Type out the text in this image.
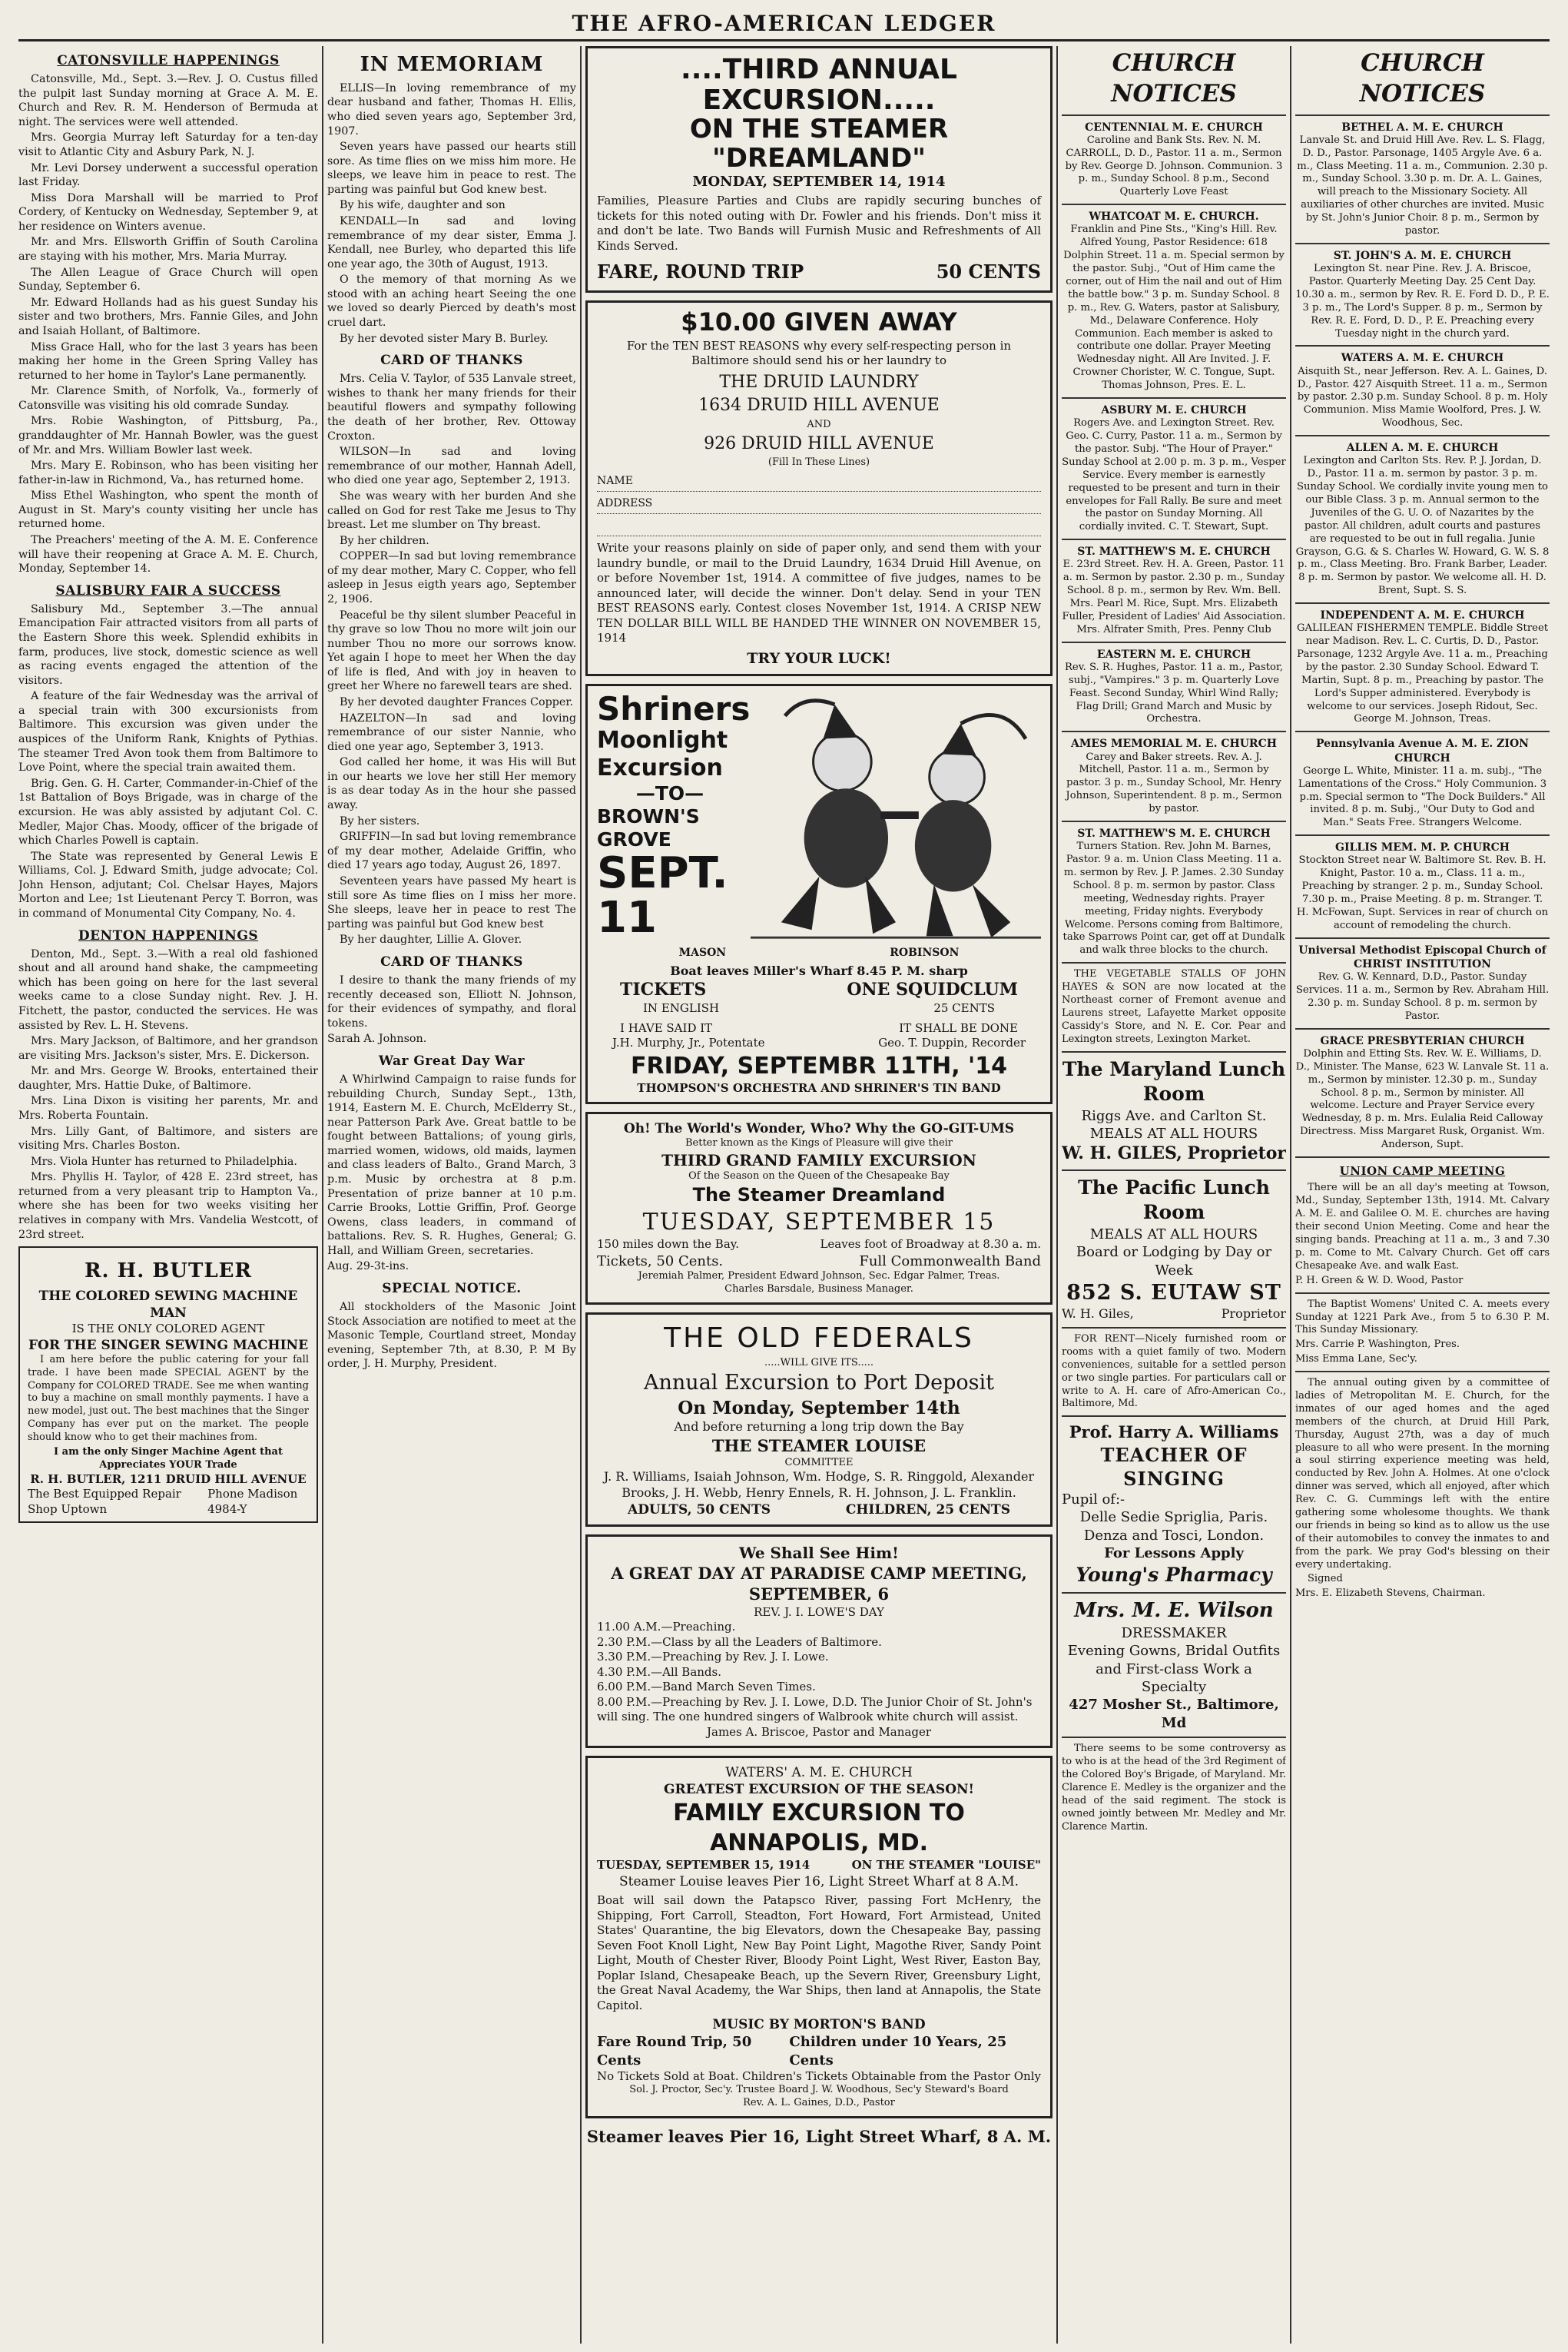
THE AFRO-AMERICAN LEDGER
CATONSVILLE HAPPENINGS

Catonsville, Md., Sept. 3.—Rev. J. O. Custus filled the pulpit last Sunday morning at Grace A. M. E. Church and Rev. R. M. Henderson of Bermuda at night. The services were well attended.

Mrs. Georgia Murray left Saturday for a ten-day visit to Atlantic City and Asbury Park, N. J.

Mr. Levi Dorsey underwent a successful operation last Friday.

Miss Dora Marshall will be married to Prof Cordery, of Kentucky on Wednesday, September 9, at her residence on Winters avenue.

Mr. and Mrs. Ellsworth Griffin of South Carolina are staying with his mother, Mrs. Maria Murray.

The Allen League of Grace Church will open Sunday, September 6.

Mr. Edward Hollands had as his guest Sunday his sister and two brothers, Mrs. Fannie Giles, and John and Isaiah Hollant, of Baltimore.

Miss Grace Hall, who for the last 3 years has been making her home in the Green Spring Valley has returned to her home in Taylor's Lane permanently.

Mr. Clarence Smith, of Norfolk, Va., formerly of Catonsville was visiting his old comrade Sunday.

Mrs. Robie Washington, of Pittsburg, Pa., granddaughter of Mr. Hannah Bowler, was the guest of Mr. and Mrs. William Bowler last week.

Mrs. Mary E. Robinson, who has been visiting her father-in-law in Richmond, Va., has returned home.

Miss Ethel Washington, who spent the month of August in St. Mary's county visiting her uncle has returned home.

The Preachers' meeting of the A. M. E. Conference will have their reopening at Grace A. M. E. Church, Monday, September 14.

SALISBURY FAIR A SUCCESS

Salisbury Md., September 3.—The annual Emancipation Fair attracted visitors from all parts of the Eastern Shore this week. Splendid exhibits in farm, produces, live stock, domestic science as well as racing events engaged the attention of the visitors.

A feature of the fair Wednesday was the arrival of a special train with 300 excursionists from Baltimore. This excursion was given under the auspices of the Uniform Rank, Knights of Pythias. The steamer Tred Avon took them from Baltimore to Love Point, where the special train awaited them.

Brig. Gen. G. H. Carter, Commander-in-Chief of the 1st Battalion of Boys Brigade, was in charge of the excursion. He was ably assisted by adjutant Col. C. Medler, Major Chas. Moody, officer of the brigade of which Charles Powell is captain.

The State was represented by General Lewis E Williams, Col. J. Edward Smith, judge advocate; Col. John Henson, adjutant; Col. Chelsar Hayes, Majors Morton and Lee; 1st Lieutenant Percy T. Borron, was in command of Monumental City Company, No. 4.

DENTON HAPPENINGS

Denton, Md., Sept. 3.—With a real old fashioned shout and all around hand shake, the campmeeting which has been going on here for the last several weeks came to a close Sunday night. Rev. J. H. Fitchett, the pastor, conducted the services. He was assisted by Rev. L. H. Stevens.

Mrs. Mary Jackson, of Baltimore, and her grandson are visiting Mrs. Jackson's sister, Mrs. E. Dickerson.

Mr. and Mrs. George W. Brooks, entertained their daughter, Mrs. Hattie Duke, of Baltimore.

Mrs. Lina Dixon is visiting her parents, Mr. and Mrs. Roberta Fountain.

Mrs. Lilly Gant, of Baltimore, and sisters are visiting Mrs. Charles Boston.

Mrs. Viola Hunter has returned to Philadelphia.

Mrs. Phyllis H. Taylor, of 428 E. 23rd street, has returned from a very pleasant trip to Hampton Va., where she has been for two weeks visiting her relatives in company with Mrs. Vandelia Westcott, of 23rd street.

R. H. BUTLER
THE COLORED SEWING MACHINE MAN
IS THE ONLY COLORED AGENT
FOR THE SINGER SEWING MACHINE

I am here before the public catering for your fall trade. I have been made SPECIAL AGENT by the Company for COLORED TRADE. See me when wanting to buy a machine on small monthly payments. I have a new model, just out. The best machines that the Singer Company has ever put on the market. The people should know who to get their machines from.

I am the only Singer Machine Agent that Appreciates YOUR Trade
R. H. BUTLER, 1211 DRUID HILL AVENUE
The Best Equipped Repair Shop Uptown
Phone Madison 4984-Y
IN MEMORIAM

ELLIS—In loving remembrance of my dear husband and father, Thomas H. Ellis, who died seven years ago, September 3rd, 1907.

Seven years have passed our hearts still sore. As time flies on we miss him more. He sleeps, we leave him in peace to rest. The parting was painful but God knew best.

By his wife, daughter and son

KENDALL—In sad and loving remembrance of my dear sister, Emma J. Kendall, nee Burley, who departed this life one year ago, the 30th of August, 1913.

O the memory of that morning As we stood with an aching heart Seeing the one we loved so dearly Pierced by death's most cruel dart.

By her devoted sister Mary B. Burley.

CARD OF THANKS

Mrs. Celia V. Taylor, of 535 Lanvale street, wishes to thank her many friends for their beautiful flowers and sympathy following the death of her brother, Rev. Ottoway Croxton.

WILSON—In sad and loving remembrance of our mother, Hannah Adell, who died one year ago, September 2, 1913.

She was weary with her burden And she called on God for rest Take me Jesus to Thy breast. Let me slumber on Thy breast.

By her children.

COPPER—In sad but loving remembrance of my dear mother, Mary C. Copper, who fell asleep in Jesus eigth years ago, September 2, 1906.

Peaceful be thy silent slumber Peaceful in thy grave so low Thou no more wilt join our number Thou no more our sorrows know. Yet again I hope to meet her When the day of life is fled, And with joy in heaven to greet her Where no farewell tears are shed.

By her devoted daughter Frances Copper.

HAZELTON—In sad and loving remembrance of our sister Nannie, who died one year ago, September 3, 1913.

God called her home, it was His will But in our hearts we love her still Her memory is as dear today As in the hour she passed away.

By her sisters.

GRIFFIN—In sad but loving remembrance of my dear mother, Adelaide Griffin, who died 17 years ago today, August 26, 1897.

Seventeen years have passed My heart is still sore As time flies on I miss her more. She sleeps, leave her in peace to rest The parting was painful but God knew best

By her daughter, Lillie A. Glover.

CARD OF THANKS

I desire to thank the many friends of my recently deceased son, Elliott N. Johnson, for their evidences of sympathy, and floral tokens.

Sarah A. Johnson.

War Great Day War

A Whirlwind Campaign to raise funds for rebuilding Church, Sunday Sept., 13th, 1914, Eastern M. E. Church, McElderry St., near Patterson Park Ave. Great battle to be fought between Battalions; of young girls, married women, widows, old maids, laymen and class leaders of Balto., Grand March, 3 p.m. Music by orchestra at 8 p.m. Presentation of prize banner at 10 p.m. Carrie Brooks, Lottie Griffin, Prof. George Owens, class leaders, in command of battalions. Rev. S. R. Hughes, General; G. Hall, and William Green, secretaries.

Aug. 29-3t-ins.

SPECIAL NOTICE.

All stockholders of the Masonic Joint Stock Association are notified to meet at the Masonic Temple, Courtland street, Monday evening, September 7th, at 8.30, P. M By order, J. H. Murphy, President.

....THIRD ANNUAL EXCURSION.....
ON THE STEAMER "DREAMLAND"
MONDAY, SEPTEMBER 14, 1914
Families, Pleasure Parties and Clubs are rapidly securing bunches of tickets for this noted outing with Dr. Fowler and his friends. Don't miss it and don't be late. Two Bands will Furnish Music and Refreshments of All Kinds Served.
FARE, ROUND TRIP	50 CENTS
$10.00 GIVEN AWAY
For the TEN BEST REASONS why every self-respecting person in Baltimore should send his or her laundry to
THE DRUID LAUNDRY
1634 DRUID HILL AVENUE
AND
926 DRUID HILL AVENUE
(Fill In These Lines)
NAME
ADDRESS
Write your reasons plainly on side of paper only, and send them with your laundry bundle, or mail to the Druid Laundry, 1634 Druid Hill Avenue, on or before November 1st, 1914. A committee of five judges, names to be announced later, will decide the winner. Don't delay. Send in your TEN BEST REASONS early. Contest closes November 1st, 1914. A CRISP NEW TEN DOLLAR BILL WILL BE HANDED THE WINNER ON NOVEMBER 15, 1914
TRY YOUR LUCK!
Shriners
Moonlight
Excursion
—TO—
BROWN'S GROVE
SEPT. 11
MASON	ROBINSON
Boat leaves Miller's Wharf 8.45 P. M. sharp
TICKETS	ONE SQUIDCLUM
IN ENGLISH	25 CENTS
I HAVE SAID IT	IT SHALL BE DONE
J.H. Murphy, Jr., Potentate	Geo. T. Duppin, Recorder
FRIDAY, SEPTEMBR 11TH, '14
THOMPSON'S ORCHESTRA AND SHRINER'S TIN BAND
Oh! The World's Wonder, Who? Why the GO-GIT-UMS
Better known as the Kings of Pleasure will give their
THIRD GRAND FAMILY EXCURSION
Of the Season on the Queen of the Chesapeake Bay
The Steamer Dreamland
TUESDAY, SEPTEMBER 15
150 miles down the Bay.	Leaves foot of Broadway at 8.30 a. m.
Tickets, 50 Cents.	Full Commonwealth Band
Jeremiah Palmer, President Edward Johnson, Sec. Edgar Palmer, Treas.
Charles Barsdale, Business Manager.
THE OLD FEDERALS
.....WILL GIVE ITS.....
Annual Excursion to Port Deposit
On Monday, September 14th
And before returning a long trip down the Bay
THE STEAMER LOUISE
COMMITTEE
J. R. Williams, Isaiah Johnson, Wm. Hodge, S. R. Ringgold, Alexander Brooks, J. H. Webb, Henry Ennels, R. H. Johnson, J. L. Franklin.
ADULTS, 50 CENTS	CHILDREN, 25 CENTS
We Shall See Him!
A GREAT DAY AT PARADISE CAMP MEETING, SEPTEMBER, 6
REV. J. I. LOWE'S DAY
11.00 A.M.—Preaching.
2.30 P.M.—Class by all the Leaders of Baltimore.
3.30 P.M.—Preaching by Rev. J. I. Lowe.
4.30 P.M.—All Bands.
6.00 P.M.—Band March Seven Times.
8.00 P.M.—Preaching by Rev. J. I. Lowe, D.D. The Junior Choir of St. John's will sing. The one hundred singers of Walbrook white church will assist.
James A. Briscoe, Pastor and Manager
WATERS' A. M. E. CHURCH
GREATEST EXCURSION OF THE SEASON!
FAMILY EXCURSION TO ANNAPOLIS, MD.
TUESDAY, SEPTEMBER 15, 1914	ON THE STEAMER "LOUISE"
Steamer Louise leaves Pier 16, Light Street Wharf at 8 A.M.
Boat will sail down the Patapsco River, passing Fort McHenry, the Shipping, Fort Carroll, Steadton, Fort Howard, Fort Armistead, United States' Quarantine, the big Elevators, down the Chesapeake Bay, passing Seven Foot Knoll Light, New Bay Point Light, Magothe River, Sandy Point Light, Mouth of Chester River, Bloody Point Light, West River, Easton Bay, Poplar Island, Chesapeake Beach, up the Severn River, Greensbury Light, the Great Naval Academy, the War Ships, then land at Annapolis, the State Capitol.
MUSIC BY MORTON'S BAND
Fare Round Trip, 50 Cents
Children under 10 Years, 25 Cents
No Tickets Sold at Boat. Children's Tickets Obtainable from the Pastor Only
Sol. J. Proctor, Sec'y. Trustee Board J. W. Woodhous, Sec'y Steward's Board
Rev. A. L. Gaines, D.D., Pastor
Steamer leaves Pier 16, Light Street Wharf, 8 A. M.
CHURCH NOTICES
CENTENNIAL M. E. CHURCH
Caroline and Bank Sts. Rev. N. M. CARROLL, D. D., Pastor. 11 a. m., Sermon by Rev. George D. Johnson. Communion. 3 p. m., Sunday School. 8 p.m., Second Quarterly Love Feast
WHATCOAT M. E. CHURCH.
Franklin and Pine Sts., "King's Hill. Rev. Alfred Young, Pastor Residence: 618 Dolphin Street. 11 a. m. Special sermon by the pastor. Subj., "Out of Him came the corner, out of Him the nail and out of Him the battle bow." 3 p. m. Sunday School. 8 p. m., Rev. G. Waters, pastor at Salisbury, Md., Delaware Conference. Holy Communion. Each member is asked to contribute one dollar. Prayer Meeting Wednesday night. All Are Invited. J. F. Crowner Chorister, W. C. Tongue, Supt. Thomas Johnson, Pres. E. L.
ASBURY M. E. CHURCH
Rogers Ave. and Lexington Street. Rev. Geo. C. Curry, Pastor. 11 a. m., Sermon by the pastor. Subj. "The Hour of Prayer." Sunday School at 2.00 p. m. 3 p. m., Vesper Service. Every member is earnestly requested to be present and turn in their envelopes for Fall Rally. Be sure and meet the pastor on Sunday Morning. All cordially invited. C. T. Stewart, Supt.
ST. MATTHEW'S M. E. CHURCH
E. 23rd Street. Rev. H. A. Green, Pastor. 11 a. m. Sermon by pastor. 2.30 p. m., Sunday School. 8 p. m., sermon by Rev. Wm. Bell. Mrs. Pearl M. Rice, Supt. Mrs. Elizabeth Fuller, President of Ladies' Aid Association. Mrs. Alfrater Smith, Pres. Penny Club
EASTERN M. E. CHURCH
Rev. S. R. Hughes, Pastor. 11 a. m., Pastor, subj., "Vampires." 3 p. m. Quarterly Love Feast. Second Sunday, Whirl Wind Rally; Flag Drill; Grand March and Music by Orchestra.
AMES MEMORIAL M. E. CHURCH
Carey and Baker streets. Rev. A. J. Mitchell, Pastor. 11 a. m., Sermon by pastor. 3 p. m., Sunday School, Mr. Henry Johnson, Superintendent. 8 p. m., Sermon by pastor.
ST. MATTHEW'S M. E. CHURCH
Turners Station. Rev. John M. Barnes, Pastor. 9 a. m. Union Class Meeting. 11 a. m. sermon by Rev. J. P. James. 2.30 Sunday School. 8 p. m. sermon by pastor. Class meeting, Wednesday rights. Prayer meeting, Friday nights. Everybody Welcome. Persons coming from Baltimore, take Sparrows Point car, get off at Dundalk and walk three blocks to the church.

THE VEGETABLE STALLS OF JOHN HAYES & SON are now located at the Northeast corner of Fremont avenue and Laurens street, Lafayette Market opposite Cassidy's Store, and N. E. Cor. Pear and Lexington streets, Lexington Market.

The Maryland Lunch Room
Riggs Ave. and Carlton St.
MEALS AT ALL HOURS
W. H. GILES, Proprietor
The Pacific Lunch Room
MEALS AT ALL HOURS
Board or Lodging by Day or Week
852 S. EUTAW ST
W. H. Giles,	Proprietor

FOR RENT—Nicely furnished room or rooms with a quiet family of two. Modern conveniences, suitable for a settled person or two single parties. For particulars call or write to A. H. care of Afro-American Co., Baltimore, Md.

Prof. Harry A. Williams
TEACHER OF SINGING
Pupil of:-
Delle Sedie Spriglia, Paris.
Denza and Tosci, London.
For Lessons Apply
Young's Pharmacy
Mrs. M. E. Wilson
DRESSMAKER
Evening Gowns, Bridal Outfits
and First-class Work a Specialty
427 Mosher St., Baltimore, Md

There seems to be some controversy as to who is at the head of the 3rd Regiment of the Colored Boy's Brigade, of Maryland. Mr. Clarence E. Medley is the organizer and the head of the said regiment. The stock is owned jointly between Mr. Medley and Mr. Clarence Martin.

CHURCH NOTICES
BETHEL A. M. E. CHURCH
Lanvale St. and Druid Hill Ave. Rev. L. S. Flagg, D. D., Pastor. Parsonage, 1405 Argyle Ave. 6 a. m., Class Meeting. 11 a. m., Communion. 2.30 p. m., Sunday School. 3.30 p. m. Dr. A. L. Gaines, will preach to the Missionary Society. All auxiliaries of other churches are invited. Music by St. John's Junior Choir. 8 p. m., Sermon by pastor.
ST. JOHN'S A. M. E. CHURCH
Lexington St. near Pine. Rev. J. A. Briscoe, Pastor. Quarterly Meeting Day. 25 Cent Day. 10.30 a. m., sermon by Rev. R. E. Ford D. D., P. E. 3 p. m., The Lord's Supper. 8 p. m., Sermon by Rev. R. E. Ford, D. D., P. E. Preaching every Tuesday night in the church yard.
WATERS A. M. E. CHURCH
Aisquith St., near Jefferson. Rev. A. L. Gaines, D. D., Pastor. 427 Aisquith Street. 11 a. m., Sermon by pastor. 2.30 p.m. Sunday School. 8 p. m. Holy Communion. Miss Mamie Woolford, Pres. J. W. Woodhous, Sec.
ALLEN A. M. E. CHURCH
Lexington and Carlton Sts. Rev. P. J. Jordan, D. D., Pastor. 11 a. m. sermon by pastor. 3 p. m. Sunday School. We cordially invite young men to our Bible Class. 3 p. m. Annual sermon to the Juveniles of the G. U. O. of Nazarites by the pastor. All children, adult courts and pastures are requested to be out in full regalia. Junie Grayson, G.G. & S. Charles W. Howard, G. W. S. 8 p. m., Class Meeting. Bro. Frank Barber, Leader. 8 p. m. Sermon by pastor. We welcome all. H. D. Brent, Supt. S. S.
INDEPENDENT A. M. E. CHURCH
GALILEAN FISHERMEN TEMPLE. Biddle Street near Madison. Rev. L. C. Curtis, D. D., Pastor. Parsonage, 1232 Argyle Ave. 11 a. m., Preaching by the pastor. 2.30 Sunday School. Edward T. Martin, Supt. 8 p. m., Preaching by pastor. The Lord's Supper administered. Everybody is welcome to our services. Joseph Ridout, Sec. George M. Johnson, Treas.
Pennsylvania Avenue A. M. E. ZION CHURCH
George L. White, Minister. 11 a. m. subj., "The Lamentations of the Cross." Holy Communion. 3 p.m. Special sermon to "The Dock Builders." All invited. 8 p. m. Subj., "Our Duty to God and Man." Seats Free. Strangers Welcome.
GILLIS MEM. M. P. CHURCH
Stockton Street near W. Baltimore St. Rev. B. H. Knight, Pastor. 10 a. m., Class. 11 a. m., Preaching by stranger. 2 p. m., Sunday School. 7.30 p. m., Praise Meeting. 8 p. m. Stranger. T. H. McFowan, Supt. Services in rear of church on account of remodeling the church.
Universal Methodist Episcopal Church of CHRIST INSTITUTION
Rev. G. W. Kennard, D.D., Pastor. Sunday Services. 11 a. m., Sermon by Rev. Abraham Hill. 2.30 p. m. Sunday School. 8 p. m. sermon by Pastor.
GRACE PRESBYTERIAN CHURCH
Dolphin and Etting Sts. Rev. W. E. Williams, D. D., Minister. The Manse, 623 W. Lanvale St. 11 a. m., Sermon by minister. 12.30 p. m., Sunday School. 8 p. m., Sermon by minister. All welcome. Lecture and Prayer Service every Wednesday, 8 p. m. Mrs. Eulalia Reid Calloway Directress. Miss Margaret Rusk, Organist. Wm. Anderson, Supt.
UNION CAMP MEETING

There will be an all day's meeting at Towson, Md., Sunday, September 13th, 1914. Mt. Calvary A. M. E. and Galilee O. M. E. churches are having their second Union Meeting. Come and hear the singing bands. Preaching at 11 a. m., 3 and 7.30 p. m. Come to Mt. Calvary Church. Get off cars Chesapeake Ave. and walk East.

P. H. Green & W. D. Wood, Pastor

The Baptist Womens' United C. A. meets every Sunday at 1221 Park Ave., from 5 to 6.30 P. M. This Sunday Missionary.

Mrs. Carrie P. Washington, Pres.

Miss Emma Lane, Sec'y.

The annual outing given by a committee of ladies of Metropolitan M. E. Church, for the inmates of our aged homes and the aged members of the church, at Druid Hill Park, Thursday, August 27th, was a day of much pleasure to all who were present. In the morning a soul stirring experience meeting was held, conducted by Rev. John A. Holmes. At one o'clock dinner was served, which all enjoyed, after which Rev. C. G. Cummings left with the entire gathering some wholesome thoughts. We thank our friends in being so kind as to allow us the use of their automobiles to convey the inmates to and from the park. We pray God's blessing on their every undertaking.

Signed

Mrs. E. Elizabeth Stevens, Chairman.
